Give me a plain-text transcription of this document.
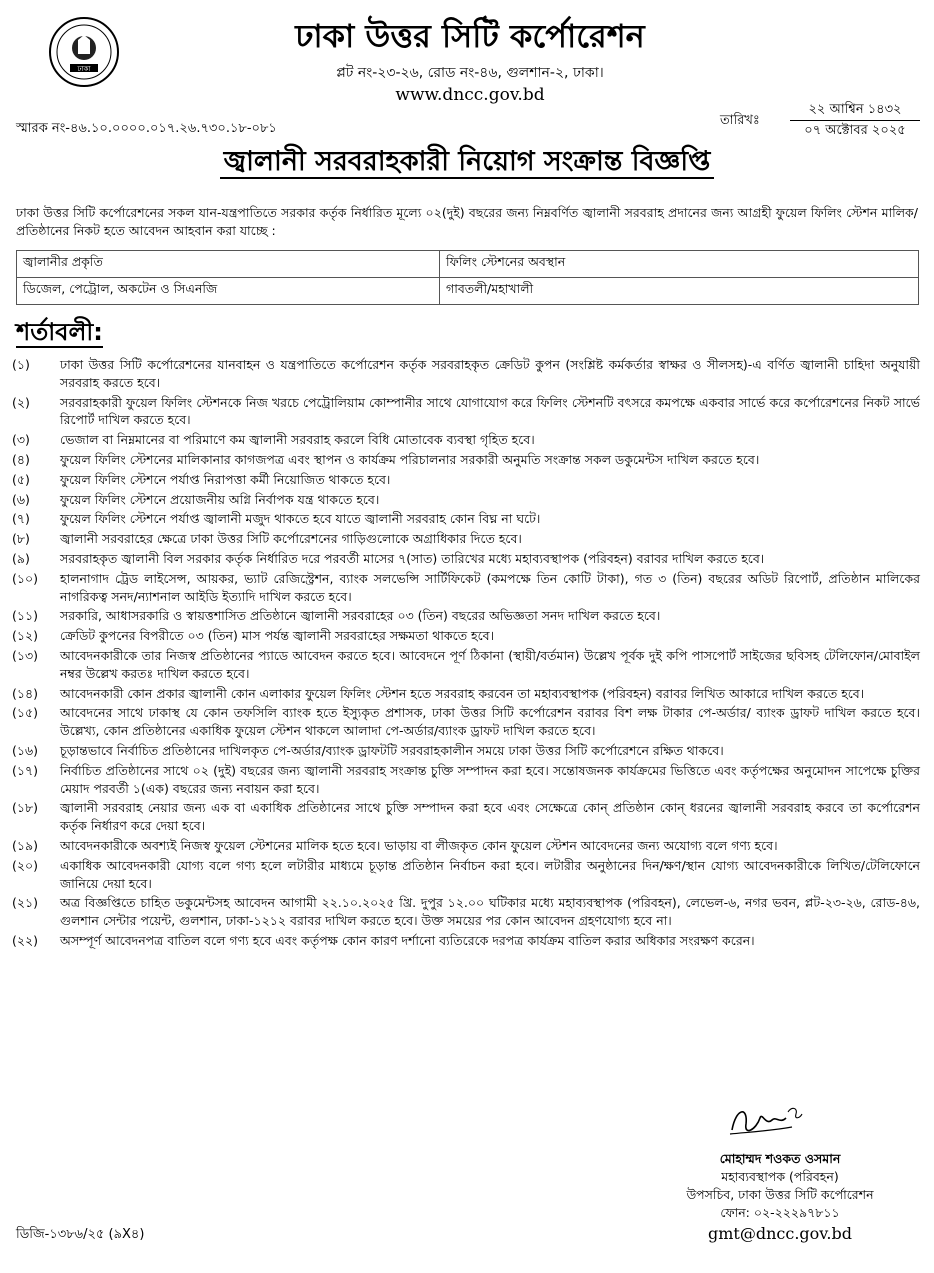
ঢাকা
ঢাকা উত্তর সিটি কর্পোরেশন
প্লট নং-২৩-২৬, রোড নং-৪৬, গুলশান-২, ঢাকা।
www.dncc.gov.bd
স্মারক নং-৪৬.১০.০০০০.০১৭.২৬.৭৩০.১৮-০৮১
তারিখঃ
২২ আশ্বিন ১৪৩২
০৭ অক্টোবর ২০২৫
জ্বালানী সরবরাহকারী নিয়োগ সংক্রান্ত বিজ্ঞপ্তি
ঢাকা উত্তর সিটি কর্পোরেশনের সকল যান-যন্ত্রপাতিতে সরকার কর্তৃক নির্ধারিত মূল্যে ০২(দুই) বছরের জন্য নিম্নবর্ণিত জ্বালানী সরবরাহ প্রদানের জন্য আগ্রহী ফুয়েল ফিলিং স্টেশন মালিক/ প্রতিষ্ঠানের নিকট হতে আবেদন আহবান করা যাচ্ছে :
জ্বালানীর প্রকৃতি	ফিলিং স্টেশনের অবস্থান
ডিজেল, পেট্রোল, অকটেন ও সিএনজি	গাবতলী/মহাখালী
শর্তাবলী:
(১)	ঢাকা উত্তর সিটি কর্পোরেশনের যানবাহন ও যন্ত্রপাতিতে কর্পোরেশন কর্তৃক সরবরাহকৃত ক্রেডিট কুপন (সংশ্লিষ্ট কর্মকর্তার স্বাক্ষর ও সীলসহ)-এ বর্ণিত জ্বালানী চাহিদা অনুযায়ী সরবরাহ করতে হবে।
(২)	সরবরাহকারী ফুয়েল ফিলিং স্টেশনকে নিজ খরচে পেট্রোলিয়াম কোম্পানীর সাথে যোগাযোগ করে ফিলিং স্টেশনটি বৎসরে কমপক্ষে একবার সার্ভে করে কর্পোরেশনের নিকট সার্ভে রিপোর্ট দাখিল করতে হবে।
(৩)	ভেজাল বা নিম্নমানের বা পরিমাণে কম জ্বালানী সরবরাহ করলে বিধি মোতাবেক ব্যবস্থা গৃহিত হবে।
(৪)	ফুয়েল ফিলিং স্টেশনের মালিকানার কাগজপত্র এবং স্থাপন ও কার্যক্রম পরিচালনার সরকারী অনুমতি সংক্রান্ত সকল ডকুমেন্টস দাখিল করতে হবে।
(৫)	ফুয়েল ফিলিং স্টেশনে পর্যাপ্ত নিরাপত্তা কর্মী নিয়োজিত থাকতে হবে।
(৬)	ফুয়েল ফিলিং স্টেশনে প্রয়োজনীয় অগ্নি নির্বাপক যন্ত্র থাকতে হবে।
(৭)	ফুয়েল ফিলিং স্টেশনে পর্যাপ্ত জ্বালানী মজুদ থাকতে হবে যাতে জ্বালানী সরবরাহ কোন বিঘ্ন না ঘটে।
(৮)	জ্বালানী সরবরাহের ক্ষেত্রে ঢাকা উত্তর সিটি কর্পোরেশনের গাড়িগুলোকে অগ্রাধিকার দিতে হবে।
(৯)	সরবরাহকৃত জ্বালানী বিল সরকার কর্তৃক নির্ধারিত দরে পরবর্তী মাসের ৭(সাত) তারিখের মধ্যে মহাব্যবস্থাপক (পরিবহন) বরাবর দাখিল করতে হবে।
(১০)	হালনাগাদ ট্রেড লাইসেন্স, আয়কর, ভ্যাট রেজিস্ট্রেশন, ব্যাংক সলভেন্সি সার্টিফিকেট (কমপক্ষে তিন কোটি টাকা), গত ৩ (তিন) বছরের অডিট রিপোর্ট, প্রতিষ্ঠান মালিকের নাগরিকত্ব সনদ/ন্যাশনাল আইডি ইত্যাদি দাখিল করতে হবে।
(১১)	সরকারি, আধাসরকারি ও স্বায়ত্তশাসিত প্রতিষ্ঠানে জ্বালানী সরবরাহের ০৩ (তিন) বছরের অভিজ্ঞতা সনদ দাখিল করতে হবে।
(১২)	ক্রেডিট কুপনের বিপরীতে ০৩ (তিন) মাস পর্যন্ত জ্বালানী সরবরাহের সক্ষমতা থাকতে হবে।
(১৩)	আবেদনকারীকে তার নিজস্ব প্রতিষ্ঠানের প্যাডে আবেদন করতে হবে। আবেদনে পূর্ণ ঠিকানা (স্থায়ী/বর্তমান) উল্লেখ পূর্বক দুই কপি পাসপোর্ট সাইজের ছবিসহ টেলিফোন/মোবাইল নম্বর উল্লেখ করতঃ দাখিল করতে হবে।
(১৪)	আবেদনকারী কোন প্রকার জ্বালানী কোন এলাকার ফুয়েল ফিলিং স্টেশন হতে সরবরাহ করবেন তা মহাব্যবস্থাপক (পরিবহন) বরাবর লিখিত আকারে দাখিল করতে হবে।
(১৫)	আবেদনের সাথে ঢাকাস্থ যে কোন তফসিলি ব্যাংক হতে ইস্যুকৃত প্রশাসক, ঢাকা উত্তর সিটি কর্পোরেশন বরাবর বিশ লক্ষ টাকার পে-অর্ডার/ ব্যাংক ড্রাফট দাখিল করতে হবে। উল্লেখ্য, কোন প্রতিষ্ঠানের একাধিক ফুয়েল স্টেশন থাকলে আলাদা পে-অর্ডার/ব্যাংক ড্রাফট দাখিল করতে হবে।
(১৬)	চূড়ান্তভাবে নির্বাচিত প্রতিষ্ঠানের দাখিলকৃত পে-অর্ডার/ব্যাংক ড্রাফটটি সরবরাহকালীন সময়ে ঢাকা উত্তর সিটি কর্পোরেশনে রক্ষিত থাকবে।
(১৭)	নির্বাচিত প্রতিষ্ঠানের সাথে ০২ (দুই) বছরের জন্য জ্বালানী সরবরাহ সংক্রান্ত চুক্তি সম্পাদন করা হবে। সন্তোষজনক কার্যক্রমের ভিত্তিতে এবং কর্তৃপক্ষের অনুমোদন সাপেক্ষে চুক্তির মেয়াদ পরবর্তী ১(এক) বছরের জন্য নবায়ন করা হবে।
(১৮)	জ্বালানী সরবরাহ নেয়ার জন্য এক বা একাধিক প্রতিষ্ঠানের সাথে চুক্তি সম্পাদন করা হবে এবং সেক্ষেত্রে কোন্ প্রতিষ্ঠান কোন্ ধরনের জ্বালানী সরবরাহ করবে তা কর্পোরেশন কর্তৃক নির্ধারণ করে দেয়া হবে।
(১৯)	আবেদনকারীকে অবশ্যই নিজস্ব ফুয়েল স্টেশনের মালিক হতে হবে। ভাড়ায় বা লীজকৃত কোন ফুয়েল স্টেশন আবেদনের জন্য অযোগ্য বলে গণ্য হবে।
(২০)	একাধিক আবেদনকারী যোগ্য বলে গণ্য হলে লটারীর মাধ্যমে চূড়ান্ত প্রতিষ্ঠান নির্বাচন করা হবে। লটারীর অনুষ্ঠানের দিন/ক্ষণ/স্থান যোগ্য আবেদনকারীকে লিখিত/টেলিফোনে জানিয়ে দেয়া হবে।
(২১)	অত্র বিজ্ঞপ্তিতে চাহিত ডকুমেন্টসহ আবেদন আগামী ২২.১০.২০২৫ খ্রি. দুপুর ১২.০০ ঘটিকার মধ্যে মহাব্যবস্থাপক (পরিবহন), লেভেল-৬, নগর ভবন, প্লট-২৩-২৬, রোড-৪৬, গুলশান সেন্টার পয়েন্ট, গুলশান, ঢাকা-১২১২ বরাবর দাখিল করতে হবে। উক্ত সময়ের পর কোন আবেদন গ্রহণযোগ্য হবে না।
(২২)	অসম্পূর্ণ আবেদনপত্র বাতিল বলে গণ্য হবে এবং কর্তৃপক্ষ কোন কারণ দর্শানো ব্যতিরেকে দরপত্র কার্যক্রম বাতিল করার অধিকার সংরক্ষণ করেন।
মোহাম্মদ শওকত ওসমান
মহাব্যবস্থাপক (পরিবহন)
উপসচিব, ঢাকা উত্তর সিটি কর্পোরেশন
ফোন: ০২-২২২৯৭৮১১
gmt@dncc.gov.bd
ডিজি-১৩৮৬/২৫ (৯X৪)
